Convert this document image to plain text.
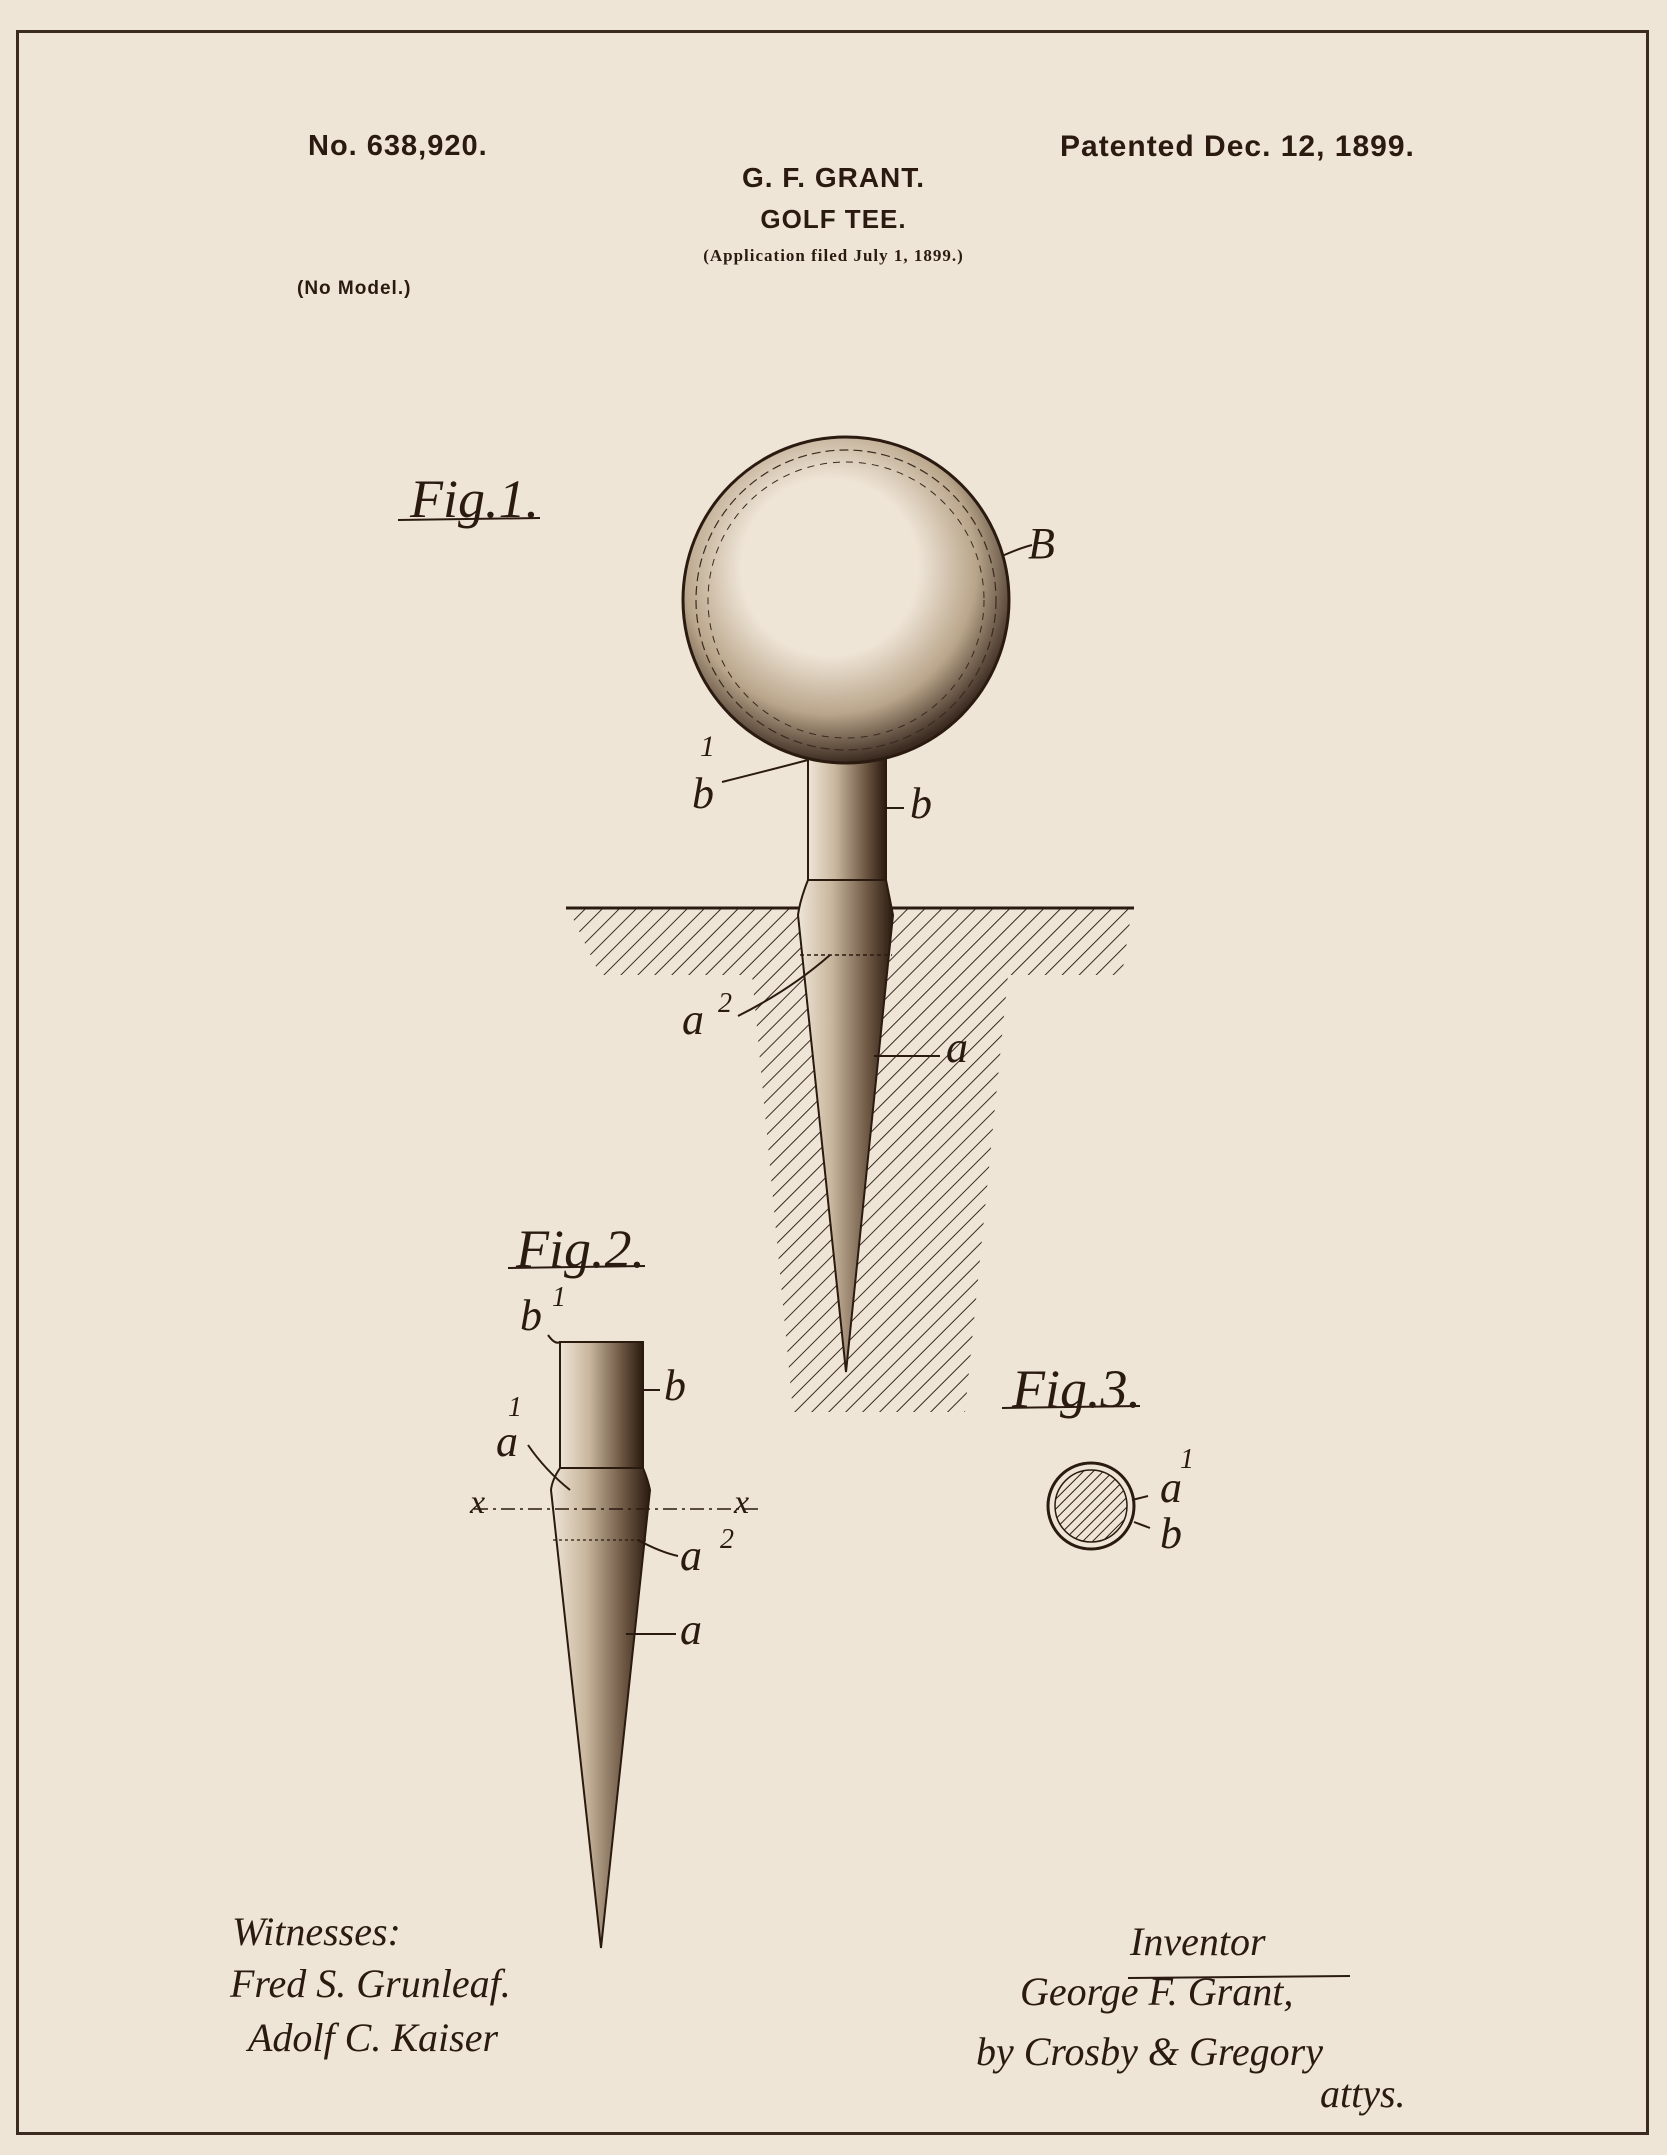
No. 638,920.	Patented Dec. 12, 1899.
G. F. GRANT.
GOLF TEE.
(Application filed July 1, 1899.)
(No Model.)
Fig.1.
Fig.2.
Fig.3.
B
b
1
b
a 2
a
b 1
b
1
a
x	x
a 2
a
1
a
b
Witnesses:
Fred S. Grunleaf.
Adolf C. Kaiser
Inventor
George F. Grant,
by Crosby & Gregory
attys.
